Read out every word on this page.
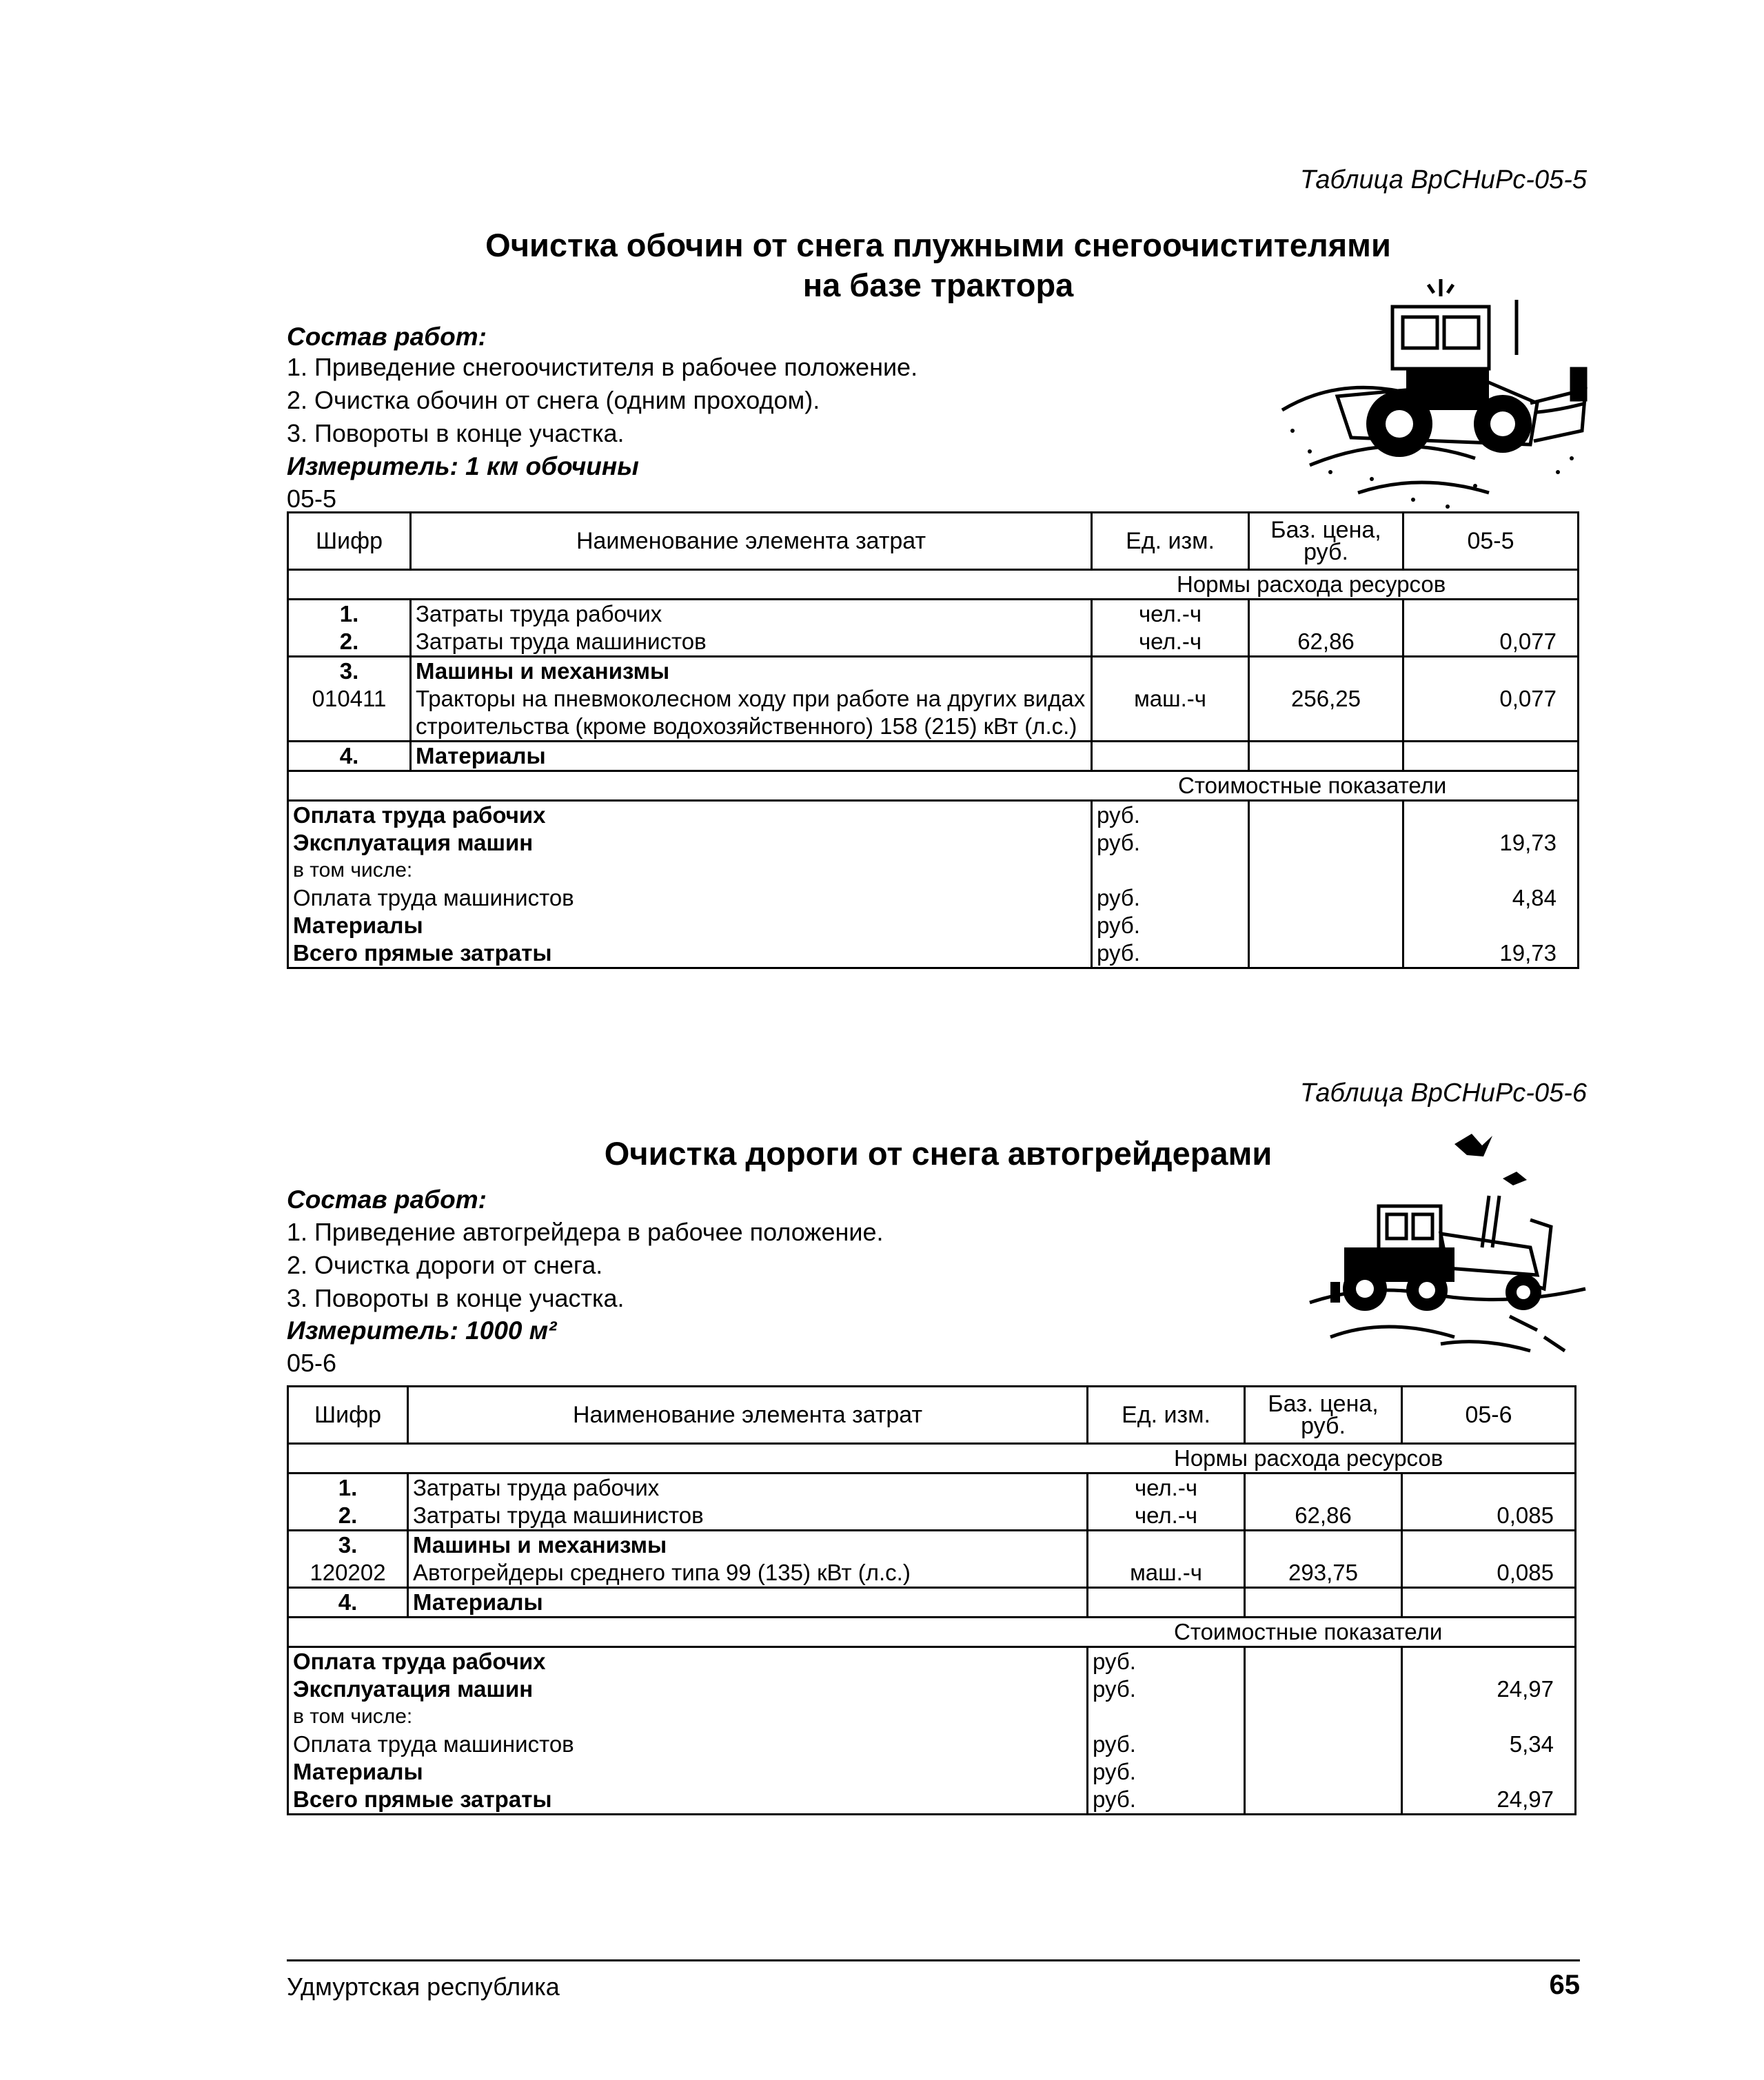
Таблица ВрСНиРс-05-5
Очистка обочин от снега плужными снегоочистителями
на базе трактора
Состав работ:
1. Приведение снегоочистителя в рабочее положение.
2. Очистка обочин от снега (одним проходом).
3. Повороты в конце участка.
Измеритель: 1 км обочины
05-5
Шифр	Наименование элемента затрат	Ед. изм.	Баз. цена, руб.	05-5
Нормы расхода ресурсов				
1.	Затраты труда рабочих	чел.-ч		
2.	Затраты труда машинистов	чел.-ч	62,86	0,077
3.	Машины и механизмы			
010411	Тракторы на пневмоколесном ходу при работе на других видах строительства (кроме водохозяйственного) 158 (215) кВт (л.с.)	маш.-ч	256,25	0,077
4.	Материалы			
Стоимостные показатели				
Оплата труда рабочих		руб.		
Эксплуатация машин		руб.		19,73
в том числе:				
Оплата труда машинистов		руб.		4,84
Материалы		руб.		
Всего прямые затраты		руб.		19,73
Таблица ВрСНиРс-05-6
Очистка дороги от снега автогрейдерами
Состав работ:
1. Приведение автогрейдера в рабочее положение.
2. Очистка дороги от снега.
3. Повороты в конце участка.
Измеритель: 1000 м²
05-6
Шифр	Наименование элемента затрат	Ед. изм.	Баз. цена, руб.	05-6
Нормы расхода ресурсов				
1.	Затраты труда рабочих	чел.-ч		
2.	Затраты труда машинистов	чел.-ч	62,86	0,085
3.	Машины и механизмы			
120202	Автогрейдеры среднего типа 99 (135) кВт (л.с.)	маш.-ч	293,75	0,085
4.	Материалы			
Стоимостные показатели				
Оплата труда рабочих		руб.		
Эксплуатация машин		руб.		24,97
в том числе:				
Оплата труда машинистов		руб.		5,34
Материалы		руб.		
Всего прямые затраты		руб.		24,97
Удмуртская республика	65
